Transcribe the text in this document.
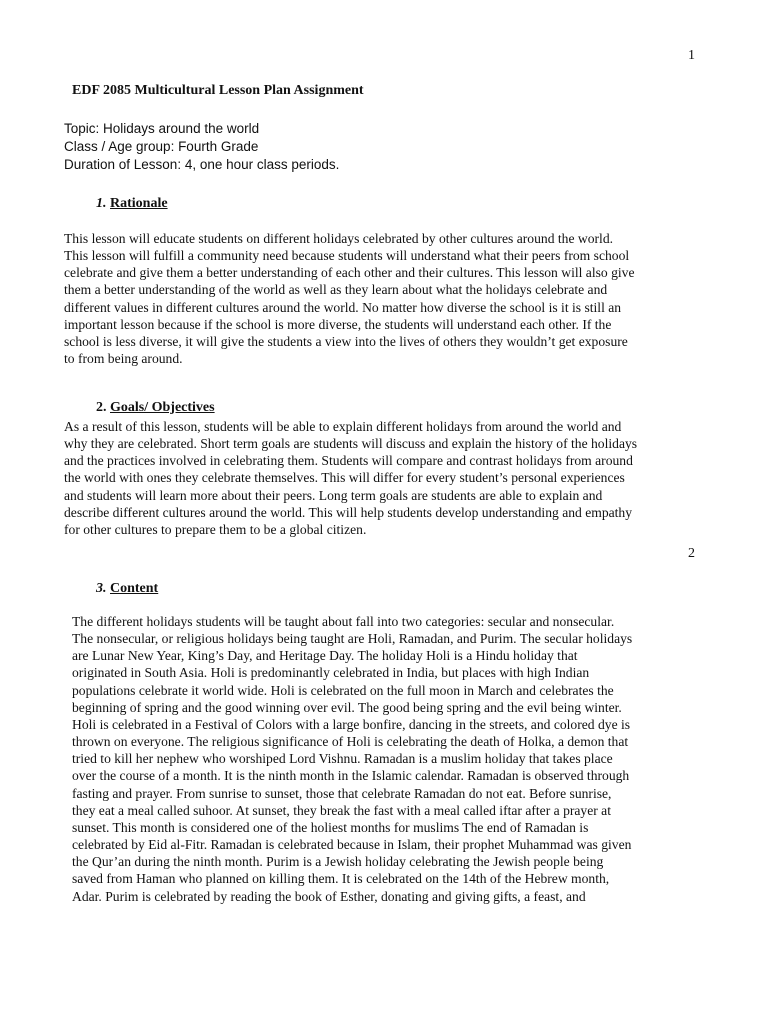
1
EDF 2085 Multicultural Lesson Plan Assignment
Topic: Holidays around the world
Class / Age group: Fourth Grade
Duration of Lesson: 4, one hour class periods.
1. Rationale
This lesson will educate students on different holidays celebrated by other cultures around the world.
This lesson will fulfill a community need because students will understand what their peers from school
celebrate and give them a better understanding of each other and their cultures. This lesson will also give
them a better understanding of the world as well as they learn about what the holidays celebrate and
different values in different cultures around the world. No matter how diverse the school is it is still an
important lesson because if the school is more diverse, the students will understand each other. If the
school is less diverse, it will give the students a view into the lives of others they wouldn’t get exposure
to from being around.
2. Goals/ Objectives
As a result of this lesson, students will be able to explain different holidays from around the world and
why they are celebrated. Short term goals are students will discuss and explain the history of the holidays
and the practices involved in celebrating them. Students will compare and contrast holidays from around
the world with ones they celebrate themselves. This will differ for every student’s personal experiences
and students will learn more about their peers. Long term goals are students are able to explain and
describe different cultures around the world. This will help students develop understanding and empathy
for other cultures to prepare them to be a global citizen.
2
3. Content
The different holidays students will be taught about fall into two categories: secular and nonsecular.
The nonsecular, or religious holidays being taught are Holi, Ramadan, and Purim. The secular holidays
are Lunar New Year, King’s Day, and Heritage Day. The holiday Holi is a Hindu holiday that
originated in South Asia. Holi is predominantly celebrated in India, but places with high Indian
populations celebrate it world wide. Holi is celebrated on the full moon in March and celebrates the
beginning of spring and the good winning over evil. The good being spring and the evil being winter.
Holi is celebrated in a Festival of Colors with a large bonfire, dancing in the streets, and colored dye is
thrown on everyone. The religious significance of Holi is celebrating the death of Holka, a demon that
tried to kill her nephew who worshiped Lord Vishnu. Ramadan is a muslim holiday that takes place
over the course of a month. It is the ninth month in the Islamic calendar. Ramadan is observed through
fasting and prayer. From sunrise to sunset, those that celebrate Ramadan do not eat. Before sunrise,
they eat a meal called suhoor. At sunset, they break the fast with a meal called iftar after a prayer at
sunset. This month is considered one of the holiest months for muslims The end of Ramadan is
celebrated by Eid al-Fitr. Ramadan is celebrated because in Islam, their prophet Muhammad was given
the Qur’an during the ninth month. Purim is a Jewish holiday celebrating the Jewish people being
saved from Haman who planned on killing them. It is celebrated on the 14th of the Hebrew month,
Adar. Purim is celebrated by reading the book of Esther, donating and giving gifts, a feast, and
